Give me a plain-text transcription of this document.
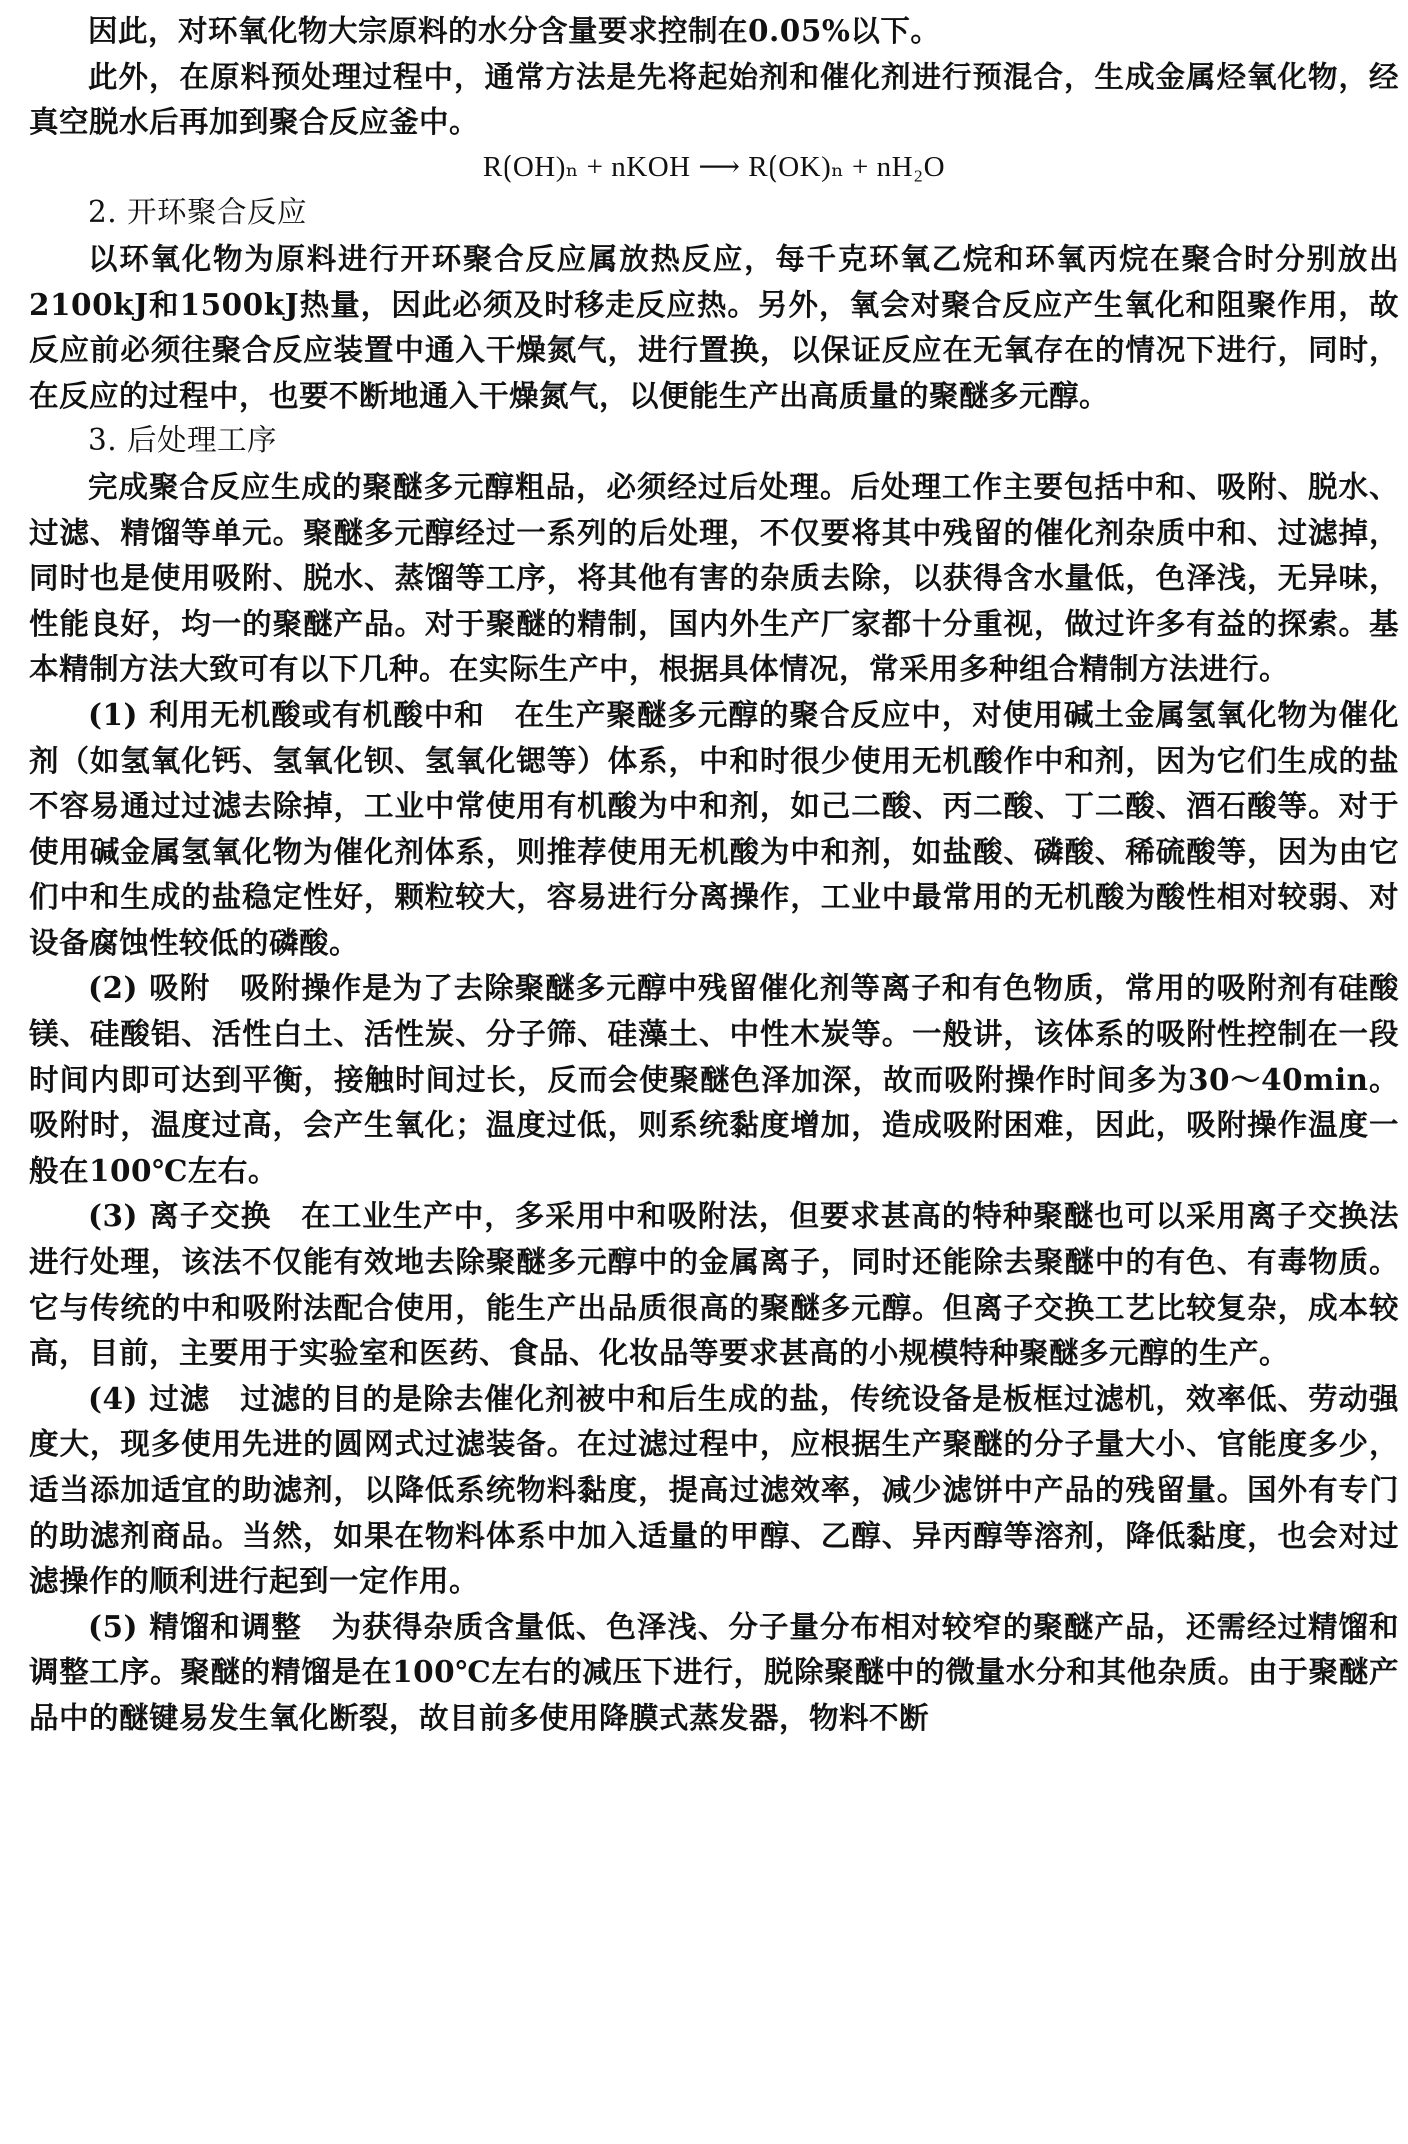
因此，对环氧化物大宗原料的水分含量要求控制在0.05%以下。

此外，在原料预处理过程中，通常方法是先将起始剂和催化剂进行预混合，生成金属烃氧化物，经真空脱水后再加到聚合反应釜中。

R⟮OH)ₙ + nKOH ⟶ R⟮OK)ₙ + nH₂O

2. 开环聚合反应

以环氧化物为原料进行开环聚合反应属放热反应，每千克环氧乙烷和环氧丙烷在聚合时分别放出2100kJ和1500kJ热量，因此必须及时移走反应热。另外，氧会对聚合反应产生氧化和阻聚作用，故反应前必须往聚合反应装置中通入干燥氮气，进行置换，以保证反应在无氧存在的情况下进行，同时，在反应的过程中，也要不断地通入干燥氮气，以便能生产出高质量的聚醚多元醇。

3. 后处理工序

完成聚合反应生成的聚醚多元醇粗品，必须经过后处理。后处理工作主要包括中和、吸附、脱水、过滤、精馏等单元。聚醚多元醇经过一系列的后处理，不仅要将其中残留的催化剂杂质中和、过滤掉，同时也是使用吸附、脱水、蒸馏等工序，将其他有害的杂质去除，以获得含水量低，色泽浅，无异味，性能良好，均一的聚醚产品。对于聚醚的精制，国内外生产厂家都十分重视，做过许多有益的探索。基本精制方法大致可有以下几种。在实际生产中，根据具体情况，常采用多种组合精制方法进行。

(1) 利用无机酸或有机酸中和 在生产聚醚多元醇的聚合反应中，对使用碱土金属氢氧化物为催化剂（如氢氧化钙、氢氧化钡、氢氧化锶等）体系，中和时很少使用无机酸作中和剂，因为它们生成的盐不容易通过过滤去除掉，工业中常使用有机酸为中和剂，如己二酸、丙二酸、丁二酸、酒石酸等。对于使用碱金属氢氧化物为催化剂体系，则推荐使用无机酸为中和剂，如盐酸、磷酸、稀硫酸等，因为由它们中和生成的盐稳定性好，颗粒较大，容易进行分离操作，工业中最常用的无机酸为酸性相对较弱、对设备腐蚀性较低的磷酸。

(2) 吸附 吸附操作是为了去除聚醚多元醇中残留催化剂等离子和有色物质，常用的吸附剂有硅酸镁、硅酸铝、活性白土、活性炭、分子筛、硅藻土、中性木炭等。一般讲，该体系的吸附性控制在一段时间内即可达到平衡，接触时间过长，反而会使聚醚色泽加深，故而吸附操作时间多为30～40min。吸附时，温度过高，会产生氧化；温度过低，则系统黏度增加，造成吸附困难，因此，吸附操作温度一般在100℃左右。

(3) 离子交换 在工业生产中，多采用中和吸附法，但要求甚高的特种聚醚也可以采用离子交换法进行处理，该法不仅能有效地去除聚醚多元醇中的金属离子，同时还能除去聚醚中的有色、有毒物质。它与传统的中和吸附法配合使用，能生产出品质很高的聚醚多元醇。但离子交换工艺比较复杂，成本较高，目前，主要用于实验室和医药、食品、化妆品等要求甚高的小规模特种聚醚多元醇的生产。

(4) 过滤 过滤的目的是除去催化剂被中和后生成的盐，传统设备是板框过滤机，效率低、劳动强度大，现多使用先进的圆网式过滤装备。在过滤过程中，应根据生产聚醚的分子量大小、官能度多少，适当添加适宜的助滤剂，以降低系统物料黏度，提高过滤效率，减少滤饼中产品的残留量。国外有专门的助滤剂商品。当然，如果在物料体系中加入适量的甲醇、乙醇、异丙醇等溶剂，降低黏度，也会对过滤操作的顺利进行起到一定作用。

(5) 精馏和调整 为获得杂质含量低、色泽浅、分子量分布相对较窄的聚醚产品，还需经过精馏和调整工序。聚醚的精馏是在100℃左右的减压下进行，脱除聚醚中的微量水分和其他杂质。由于聚醚产品中的醚键易发生氧化断裂，故目前多使用降膜式蒸发器，物料不断
